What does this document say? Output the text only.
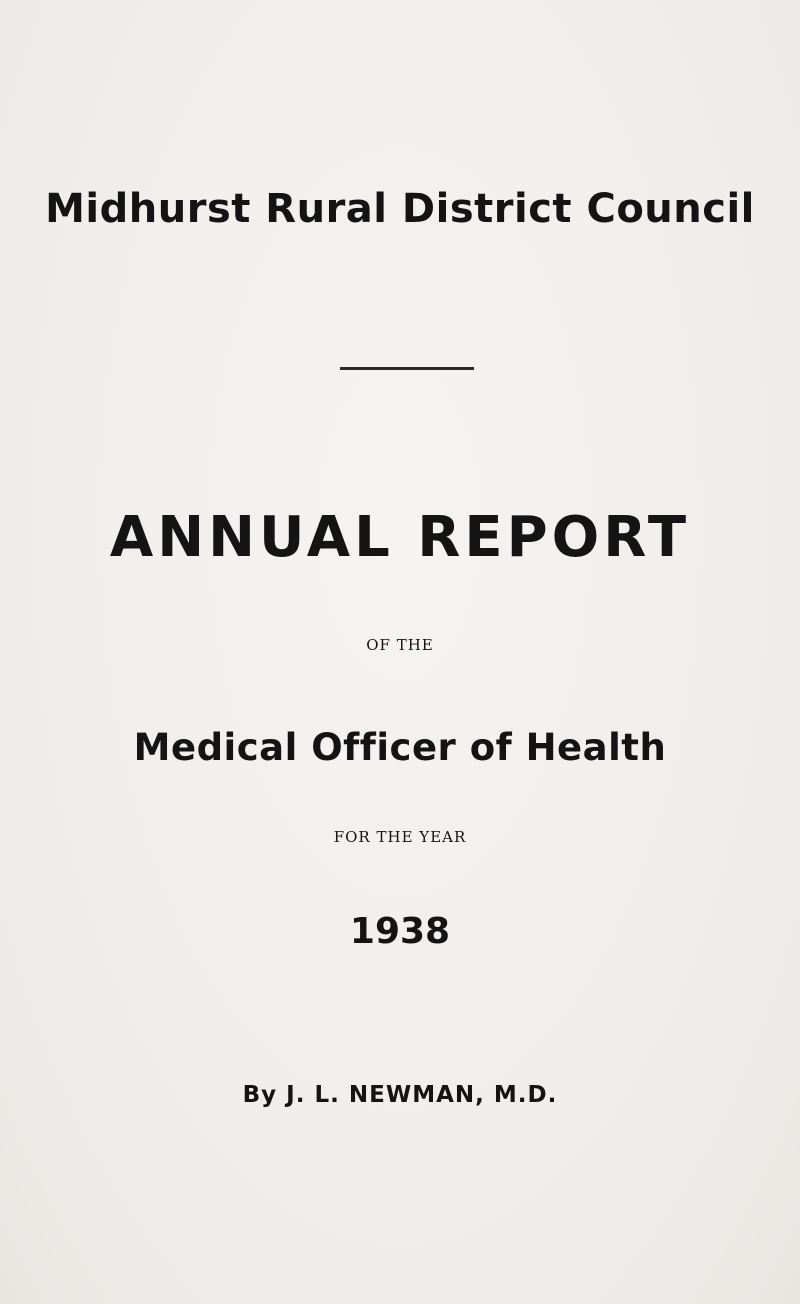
Midhurst Rural District Council
ANNUAL REPORT
OF THE
Medical Officer of Health
FOR THE YEAR
1938
By J. L. NEWMAN, M.D.
